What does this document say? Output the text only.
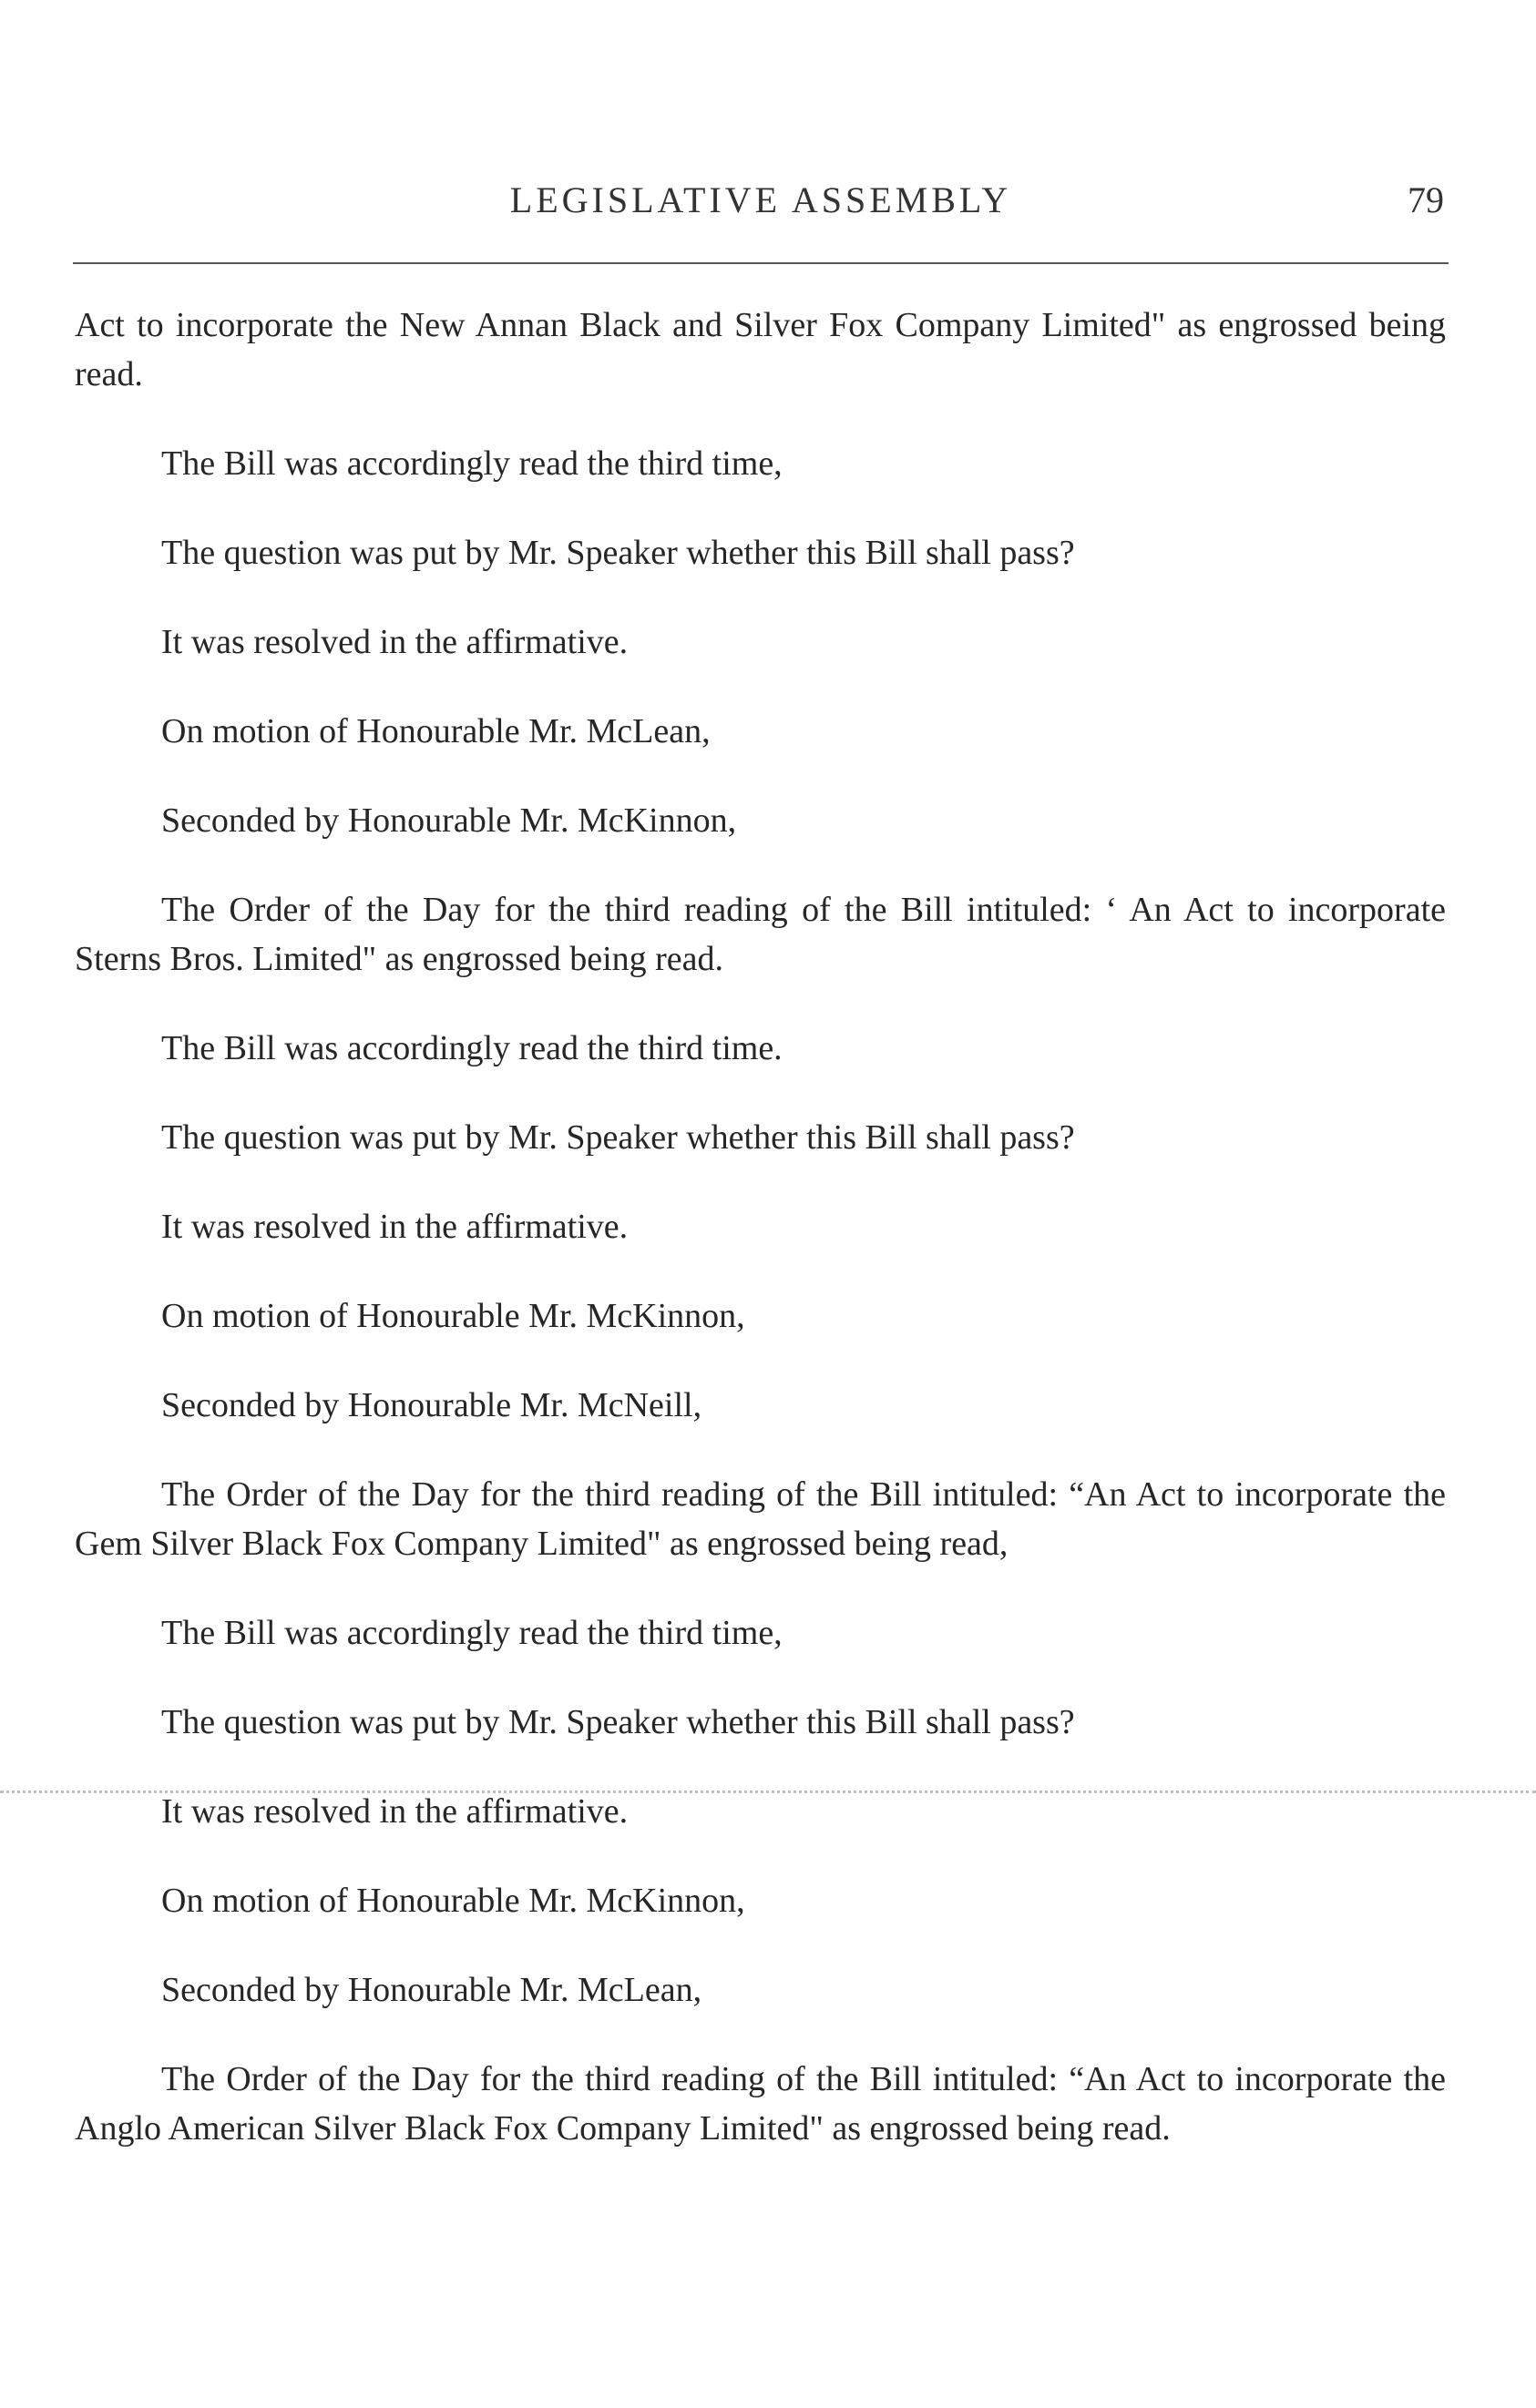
LEGISLATIVE ASSEMBLY	79

Act to incorporate the New Annan Black and Silver Fox Company Limited" as engrossed being read.

The Bill was accordingly read the third time,

The question was put by Mr. Speaker whether this Bill shall pass?

It was resolved in the affirmative.

On motion of Honourable Mr. McLean,

Seconded by Honourable Mr. McKinnon,

The Order of the Day for the third reading of the Bill intituled: ‘ An Act to incorporate Sterns Bros. Limited" as engrossed being read.

The Bill was accordingly read the third time.

The question was put by Mr. Speaker whether this Bill shall pass?

It was resolved in the affirmative.

On motion of Honourable Mr. McKinnon,

Seconded by Honourable Mr. McNeill,

The Order of the Day for the third reading of the Bill intituled: “An Act to incorporate the Gem Silver Black Fox Company Limited" as engrossed being read,

The Bill was accordingly read the third time,

The question was put by Mr. Speaker whether this Bill shall pass?

It was resolved in the affirmative.

On motion of Honourable Mr. McKinnon,

Seconded by Honourable Mr. McLean,

The Order of the Day for the third reading of the Bill intituled: “An Act to incorporate the Anglo American Silver Black Fox Company Limited" as engrossed being read.
